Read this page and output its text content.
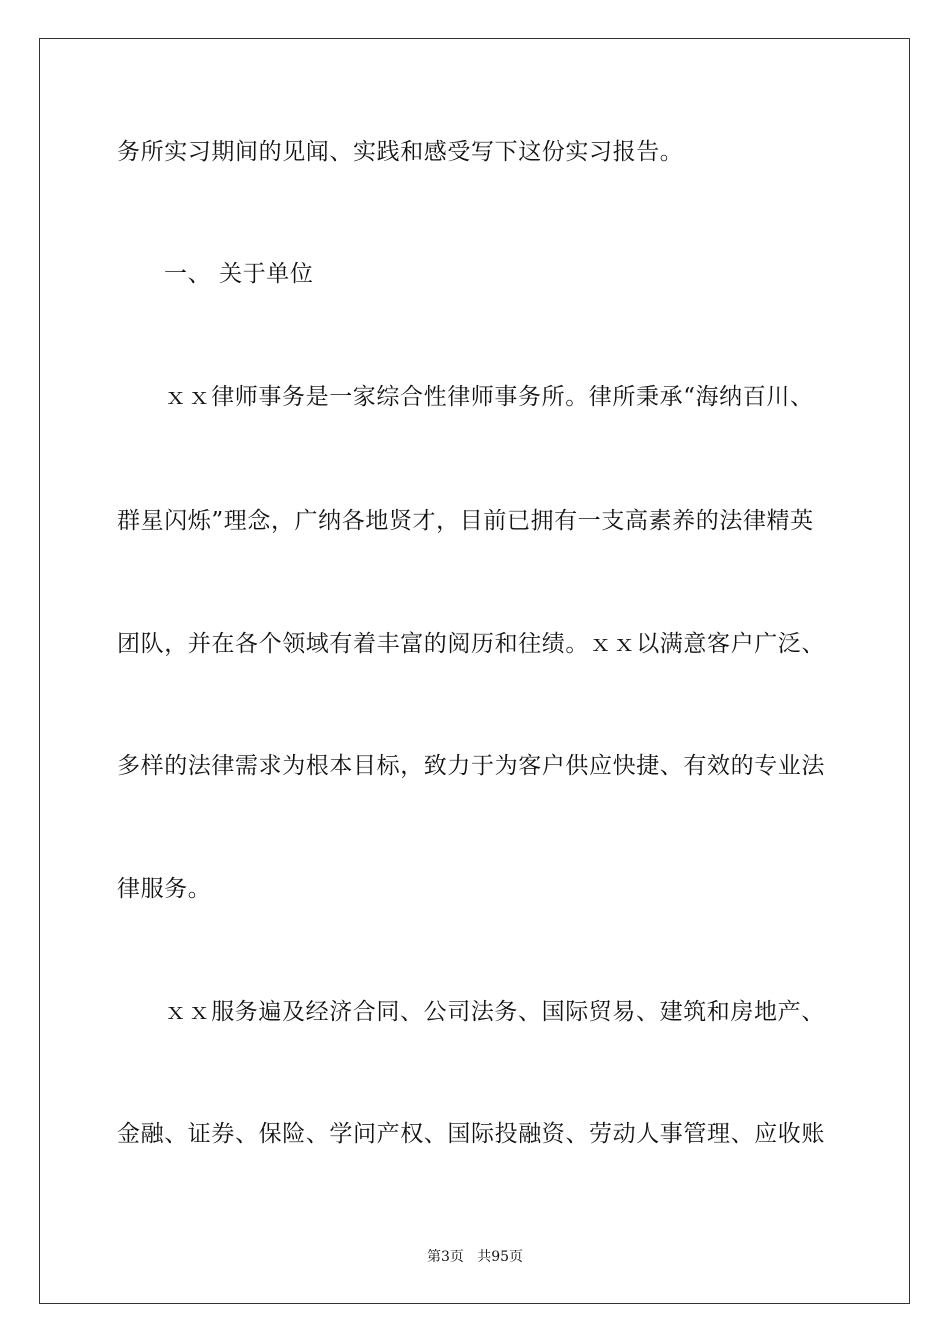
务所实习期间的见闻、实践和感受写下这份实习报告。
一、 关于单位
ｘｘ律师事务是一家综合性律师事务所。律所秉承“海纳百川、
群星闪烁”理念，广纳各地贤才，目前已拥有一支高素养的法律精英
团队，并在各个领域有着丰富的阅历和往绩。ｘｘ以满意客户广泛、
多样的法律需求为根本目标，致力于为客户供应快捷、有效的专业法
律服务。
ｘｘ服务遍及经济合同、公司法务、国际贸易、建筑和房地产、
金融、证券、保险、学问产权、国际投融资、劳动人事管理、应收账
第3页   共95页
